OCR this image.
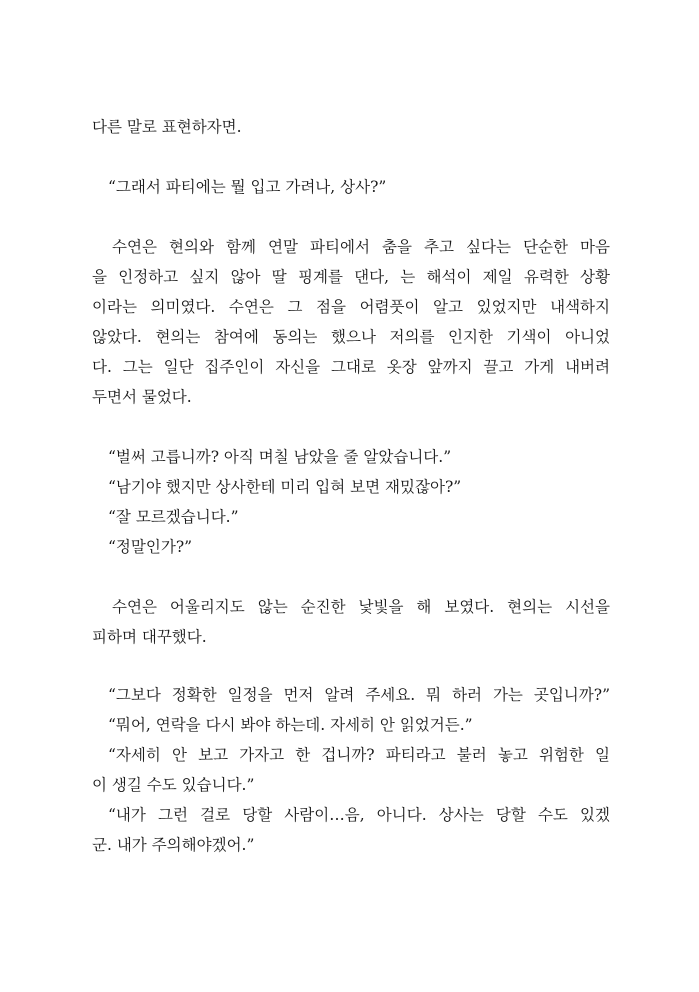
다른 말로 표현하자면.
“그래서 파티에는 뭘 입고 가려나, 상사?”
수연은 현의와 함께 연말 파티에서 춤을 추고 싶다는 단순한 마음
을 인정하고 싶지 않아 딸 핑계를 댄다, 는 해석이 제일 유력한 상황
이라는 의미였다. 수연은 그 점을 어렴풋이 알고 있었지만 내색하지
않았다. 현의는 참여에 동의는 했으나 저의를 인지한 기색이 아니었
다. 그는 일단 집주인이 자신을 그대로 옷장 앞까지 끌고 가게 내버려
두면서 물었다.
“벌써 고릅니까? 아직 며칠 남았을 줄 알았습니다.”
“남기야 했지만 상사한테 미리 입혀 보면 재밌잖아?”
“잘 모르겠습니다.”
“정말인가?”
수연은 어울리지도 않는 순진한 낯빛을 해 보였다. 현의는 시선을
피하며 대꾸했다.
“그보다 정확한 일정을 먼저 알려 주세요. 뭐 하러 가는 곳입니까?”
“뭐어, 연락을 다시 봐야 하는데. 자세히 안 읽었거든.”
“자세히 안 보고 가자고 한 겁니까? 파티라고 불러 놓고 위험한 일
이 생길 수도 있습니다.”
“내가 그런 걸로 당할 사람이…음, 아니다. 상사는 당할 수도 있겠
군. 내가 주의해야겠어.”
